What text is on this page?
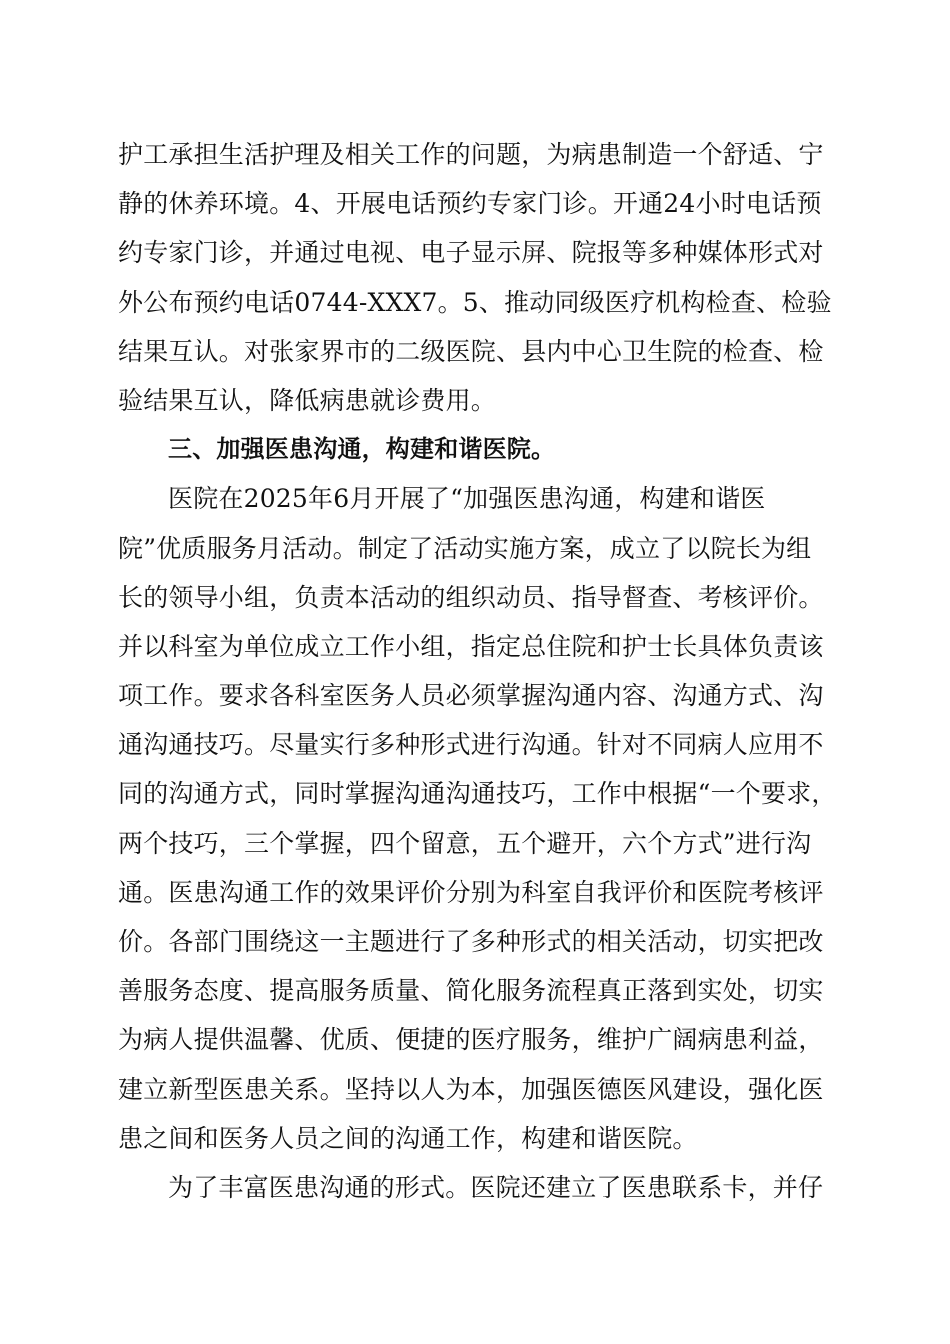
护工承担生活护理及相关工作的问题，为病患制造一个舒适、宁
静的休养环境。4、开展电话预约专家门诊。开通24小时电话预
约专家门诊，并通过电视、电子显示屏、院报等多种媒体形式对
外公布预约电话0744-XXX7。5、推动同级医疗机构检查、检验
结果互认。对张家界市的二级医院、县内中心卫生院的检查、检
验结果互认，降低病患就诊费用。
三、加强医患沟通，构建和谐医院。
医院在2025年6月开展了“加强医患沟通，构建和谐医
院”优质服务月活动。制定了活动实施方案，成立了以院长为组
长的领导小组，负责本活动的组织动员、指导督查、考核评价。
并以科室为单位成立工作小组，指定总住院和护士长具体负责该
项工作。要求各科室医务人员必须掌握沟通内容、沟通方式、沟
通沟通技巧。尽量实行多种形式进行沟通。针对不同病人应用不
同的沟通方式，同时掌握沟通沟通技巧，工作中根据“一个要求，
两个技巧，三个掌握，四个留意，五个避开，六个方式”进行沟
通。医患沟通工作的效果评价分别为科室自我评价和医院考核评
价。各部门围绕这一主题进行了多种形式的相关活动，切实把改
善服务态度、提高服务质量、简化服务流程真正落到实处，切实
为病人提供温馨、优质、便捷的医疗服务，维护广阔病患利益，
建立新型医患关系。坚持以人为本，加强医德医风建设，强化医
患之间和医务人员之间的沟通工作，构建和谐医院。
为了丰富医患沟通的形式。医院还建立了医患联系卡，并仔
